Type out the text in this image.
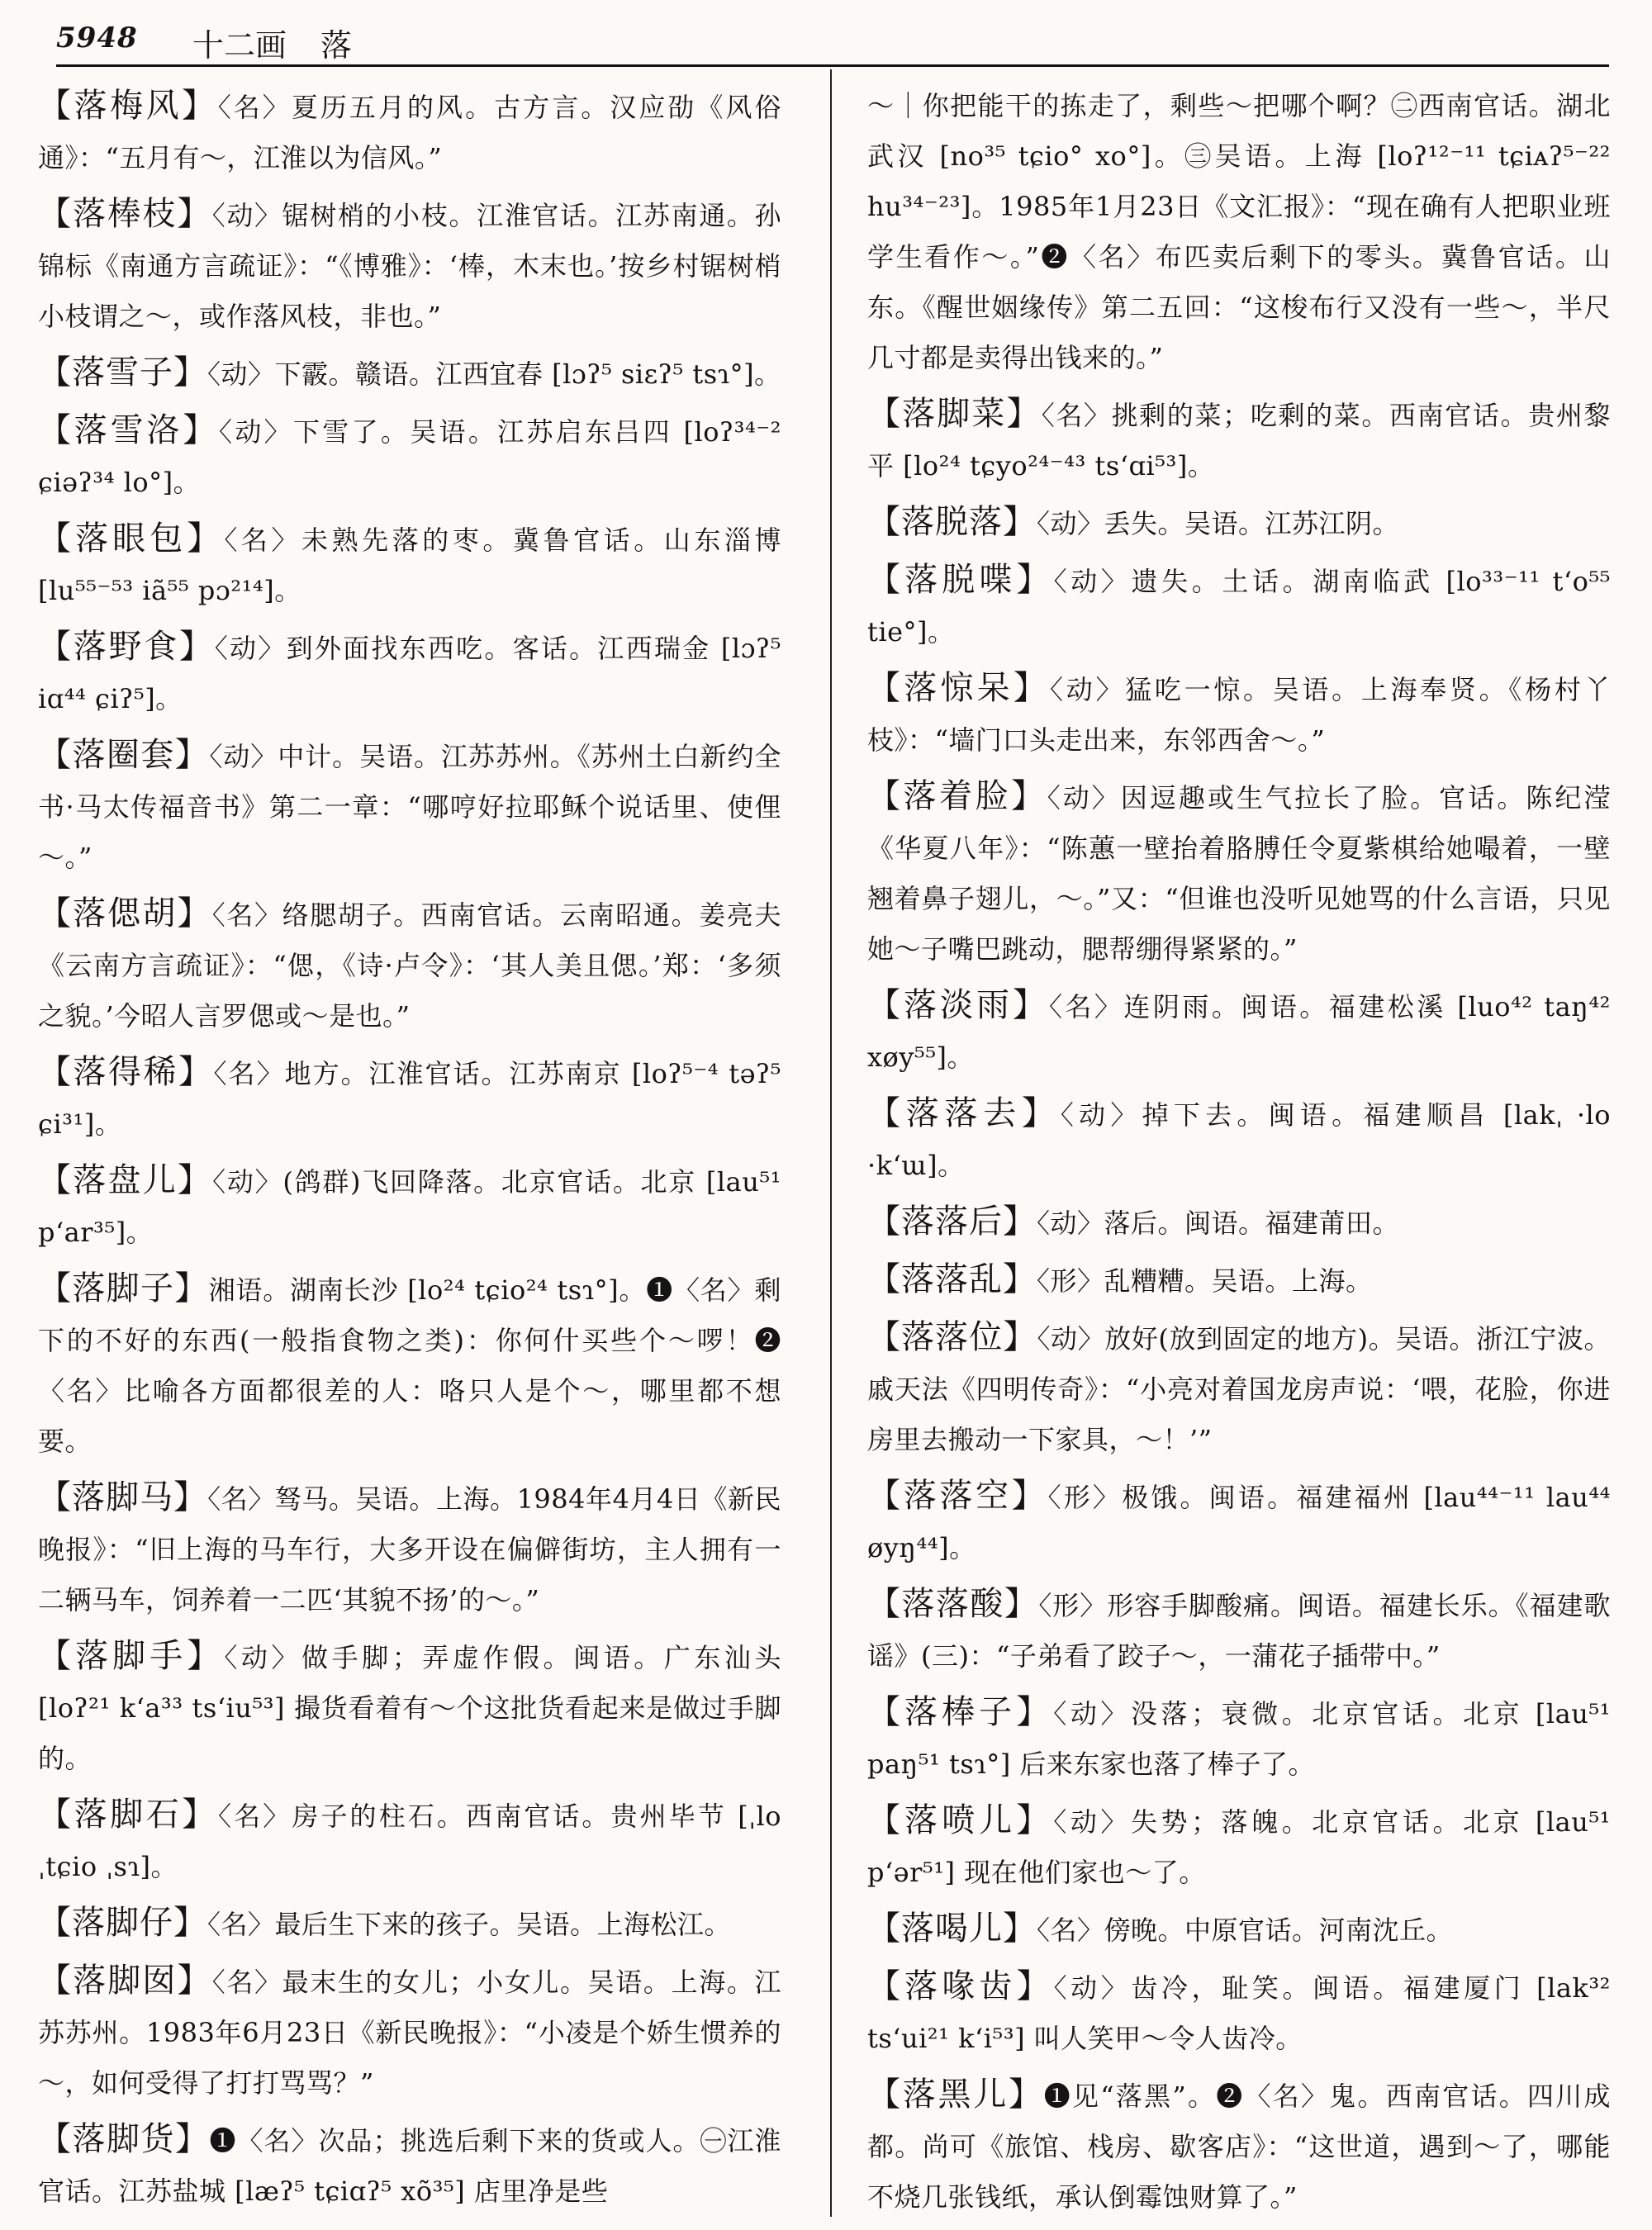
5948 十二画 落

【落梅风】〈名〉夏历五月的风。古方言。汉应劭《风俗通》：“五月有～，江淮以为信风。”

【落棒枝】〈动〉锯树梢的小枝。江淮官话。江苏南通。孙锦标《南通方言疏证》：“《博雅》：‘棒，木末也。’按乡村锯树梢小枝谓之～，或作落风枝，非也。”

【落雪子】〈动〉下霰。赣语。江西宜春 [lɔʔ⁵ siɛʔ⁵ tsɿ°]。

【落雪洛】〈动〉下雪了。吴语。江苏启东吕四 [loʔ³⁴⁻² ɕiəʔ³⁴ lo°]。

【落眼包】〈名〉未熟先落的枣。冀鲁官话。山东淄博 [lu⁵⁵⁻⁵³ iã⁵⁵ pɔ²¹⁴]。

【落野食】〈动〉到外面找东西吃。客话。江西瑞金 [lɔʔ⁵ iɑ⁴⁴ ɕiʔ⁵]。

【落圈套】〈动〉中计。吴语。江苏苏州。《苏州土白新约全书·马太传福音书》第二一章：“哪哼好拉耶稣个说话里、使俚～。”

【落偲胡】〈名〉络腮胡子。西南官话。云南昭通。姜亮夫《云南方言疏证》：“偲，《诗·卢令》：‘其人美且偲。’郑：‘多须之貌。’今昭人言罗偲或～是也。”

【落得稀】〈名〉地方。江淮官话。江苏南京 [loʔ⁵⁻⁴ təʔ⁵ ɕi³¹]。

【落盘儿】〈动〉(鸽群)飞回降落。北京官话。北京 [lau⁵¹ p‘ar³⁵]。

【落脚子】湘语。湖南长沙 [lo²⁴ tɕio²⁴ tsɿ°]。❶〈名〉剩下的不好的东西(一般指食物之类)：你何什买些个～啰！❷〈名〉比喻各方面都很差的人：咯只人是个～，哪里都不想要。

【落脚马】〈名〉驽马。吴语。上海。1984年4月4日《新民晚报》：“旧上海的马车行，大多开设在偏僻街坊，主人拥有一二辆马车，饲养着一二匹‘其貌不扬’的～。”

【落脚手】〈动〉做手脚；弄虚作假。闽语。广东汕头 [loʔ²¹ k‘a³³ ts‘iu⁵³] 撮货看着有～个这批货看起来是做过手脚的。

【落脚石】〈名〉房子的柱石。西南官话。贵州毕节 [ˌlo ˌtɕio ˌsɿ]。

【落脚仔】〈名〉最后生下来的孩子。吴语。上海松江。

【落脚囡】〈名〉最末生的女儿；小女儿。吴语。上海。江苏苏州。1983年6月23日《新民晚报》：“小凌是个娇生惯养的～，如何受得了打打骂骂？”

【落脚货】❶〈名〉次品；挑选后剩下来的货或人。㊀江淮官话。江苏盐城 [læʔ⁵ tɕiɑʔ⁵ xõ³⁵] 店里净是些

～｜你把能干的拣走了，剩些～把哪个啊？㊁西南官话。湖北武汉 [no³⁵ tɕio° xo°]。㊂吴语。上海 [loʔ¹²⁻¹¹ tɕiᴀʔ⁵⁻²² hu³⁴⁻²³]。1985年1月23日《文汇报》：“现在确有人把职业班学生看作～。”❷〈名〉布匹卖后剩下的零头。冀鲁官话。山东。《醒世姻缘传》第二五回：“这梭布行又没有一些～，半尺几寸都是卖得出钱来的。”

【落脚菜】〈名〉挑剩的菜；吃剩的菜。西南官话。贵州黎平 [lo²⁴ tɕyo²⁴⁻⁴³ ts‘ɑi⁵³]。

【落脱落】〈动〉丢失。吴语。江苏江阴。

【落脱喋】〈动〉遗失。土话。湖南临武 [lo³³⁻¹¹ t‘o⁵⁵ tie°]。

【落惊呆】〈动〉猛吃一惊。吴语。上海奉贤。《杨村丫枝》：“墙门口头走出来，东邻西舍～。”

【落着脸】〈动〉因逗趣或生气拉长了脸。官话。陈纪滢《华夏八年》：“陈蕙一壁抬着胳膊任令夏紫棋给她嘬着，一壁翘着鼻子翅儿，～。”又：“但谁也没听见她骂的什么言语，只见她～子嘴巴跳动，腮帮绷得紧紧的。”

【落淡雨】〈名〉连阴雨。闽语。福建松溪 [luo⁴² taŋ⁴² xøy⁵⁵]。

【落落去】〈动〉掉下去。闽语。福建顺昌 [lakˌ ·lo ·k‘ɯ]。

【落落后】〈动〉落后。闽语。福建莆田。

【落落乱】〈形〉乱糟糟。吴语。上海。

【落落位】〈动〉放好(放到固定的地方)。吴语。浙江宁波。戚天法《四明传奇》：“小亮对着国龙房声说：‘喂，花脸，你进房里去搬动一下家具，～！’”

【落落空】〈形〉极饿。闽语。福建福州 [lau⁴⁴⁻¹¹ lau⁴⁴ øyŋ⁴⁴]。

【落落酸】〈形〉形容手脚酸痛。闽语。福建长乐。《福建歌谣》(三)：“子弟看了跤子～，一蒲花子插带中。”

【落棒子】〈动〉没落；衰微。北京官话。北京 [lau⁵¹ paŋ⁵¹ tsɿ°] 后来东家也落了棒子了。

【落喷儿】〈动〉失势；落魄。北京官话。北京 [lau⁵¹ p‘ər⁵¹] 现在他们家也～了。

【落喝儿】〈名〉傍晚。中原官话。河南沈丘。

【落喙齿】〈动〉齿冷，耻笑。闽语。福建厦门 [lak³² ts‘ui²¹ k‘i⁵³] 叫人笑甲～令人齿冷。

【落黑儿】❶见“落黑”。❷〈名〉鬼。西南官话。四川成都。尚可《旅馆、栈房、歇客店》：“这世道，遇到～了，哪能不烧几张钱纸，承认倒霉蚀财算了。”
